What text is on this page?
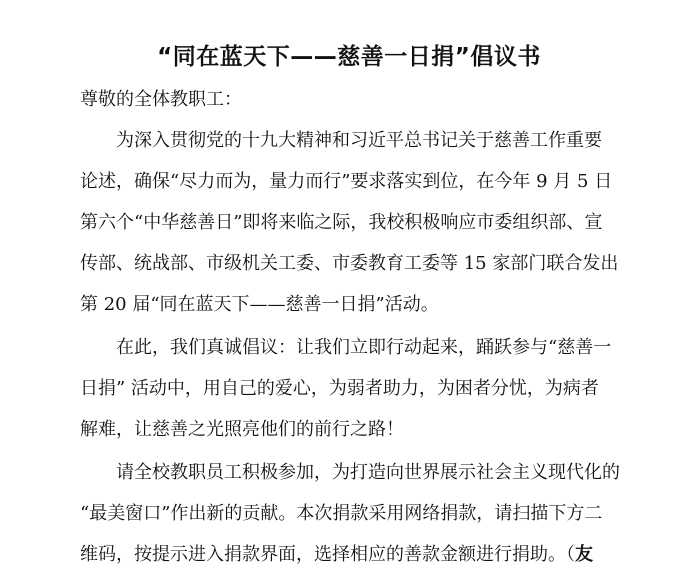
“同在蓝天下——慈善一日捐”倡议书
尊敬的全体教职工：
为深入贯彻党的十九大精神和习近平总书记关于慈善工作重要
论述，确保“尽力而为，量力而行”要求落实到位，在今年 9 月 5 日
第六个“中华慈善日”即将来临之际，我校积极响应市委组织部、宣
传部、统战部、市级机关工委、市委教育工委等 15 家部门联合发出
第 20 届“同在蓝天下——慈善一日捐”活动。
在此，我们真诚倡议：让我们立即行动起来，踊跃参与“慈善一
日捐” 活动中，用自己的爱心，为弱者助力，为困者分忧，为病者
解难，让慈善之光照亮他们的前行之路！
请全校教职员工积极参加，为打造向世界展示社会主义现代化的
“最美窗口”作出新的贡献。本次捐款采用网络捐款，请扫描下方二
维码，按提示进入捐款界面，选择相应的善款金额进行捐助。（友
